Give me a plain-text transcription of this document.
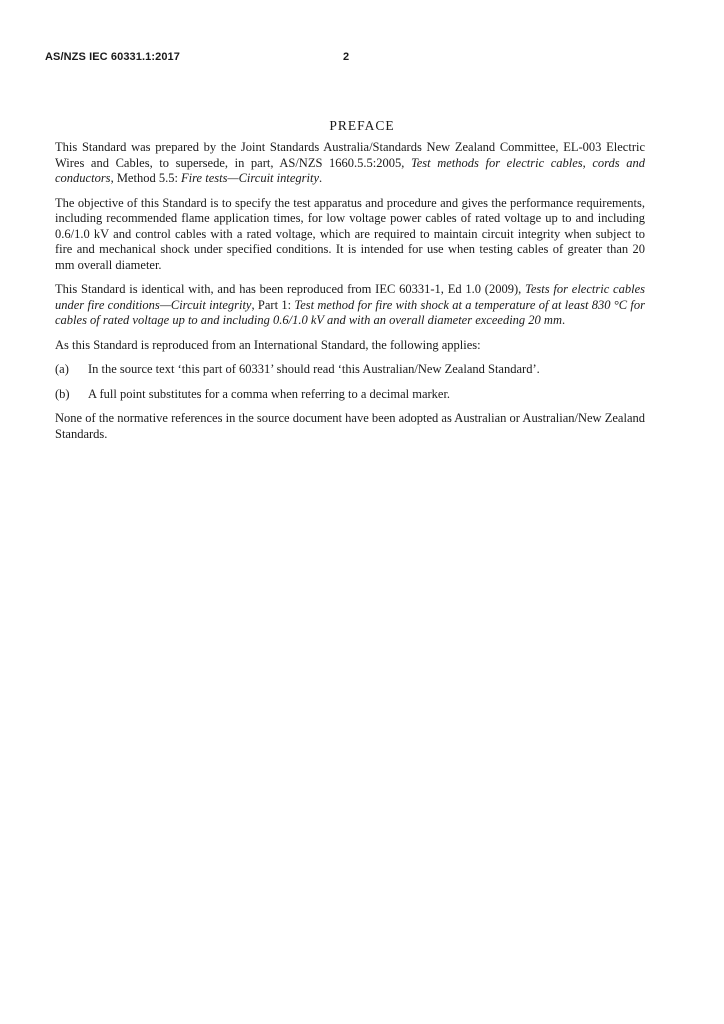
AS/NZS IEC 60331.1:2017	2
PREFACE

This Standard was prepared by the Joint Standards Australia/Standards New Zealand Committee, EL-003 Electric Wires and Cables, to supersede, in part, AS/NZS 1660.5.5:2005, Test methods for electric cables, cords and conductors, Method 5.5: Fire tests—Circuit integrity.

The objective of this Standard is to specify the test apparatus and procedure and gives the performance requirements, including recommended flame application times, for low voltage power cables of rated voltage up to and including 0.6/1.0 kV and control cables with a rated voltage, which are required to maintain circuit integrity when subject to fire and mechanical shock under specified conditions. It is intended for use when testing cables of greater than 20 mm overall diameter.

This Standard is identical with, and has been reproduced from IEC 60331-1, Ed 1.0 (2009), Tests for electric cables under fire conditions—Circuit integrity, Part 1: Test method for fire with shock at a temperature of at least 830 °C for cables of rated voltage up to and including 0.6/1.0 kV and with an overall diameter exceeding 20 mm.

As this Standard is reproduced from an International Standard, the following applies:

(a)	In the source text ‘this part of 60331’ should read ‘this Australian/New Zealand Standard’.
(b)	A full point substitutes for a comma when referring to a decimal marker.

None of the normative references in the source document have been adopted as Australian or Australian/New Zealand Standards.
